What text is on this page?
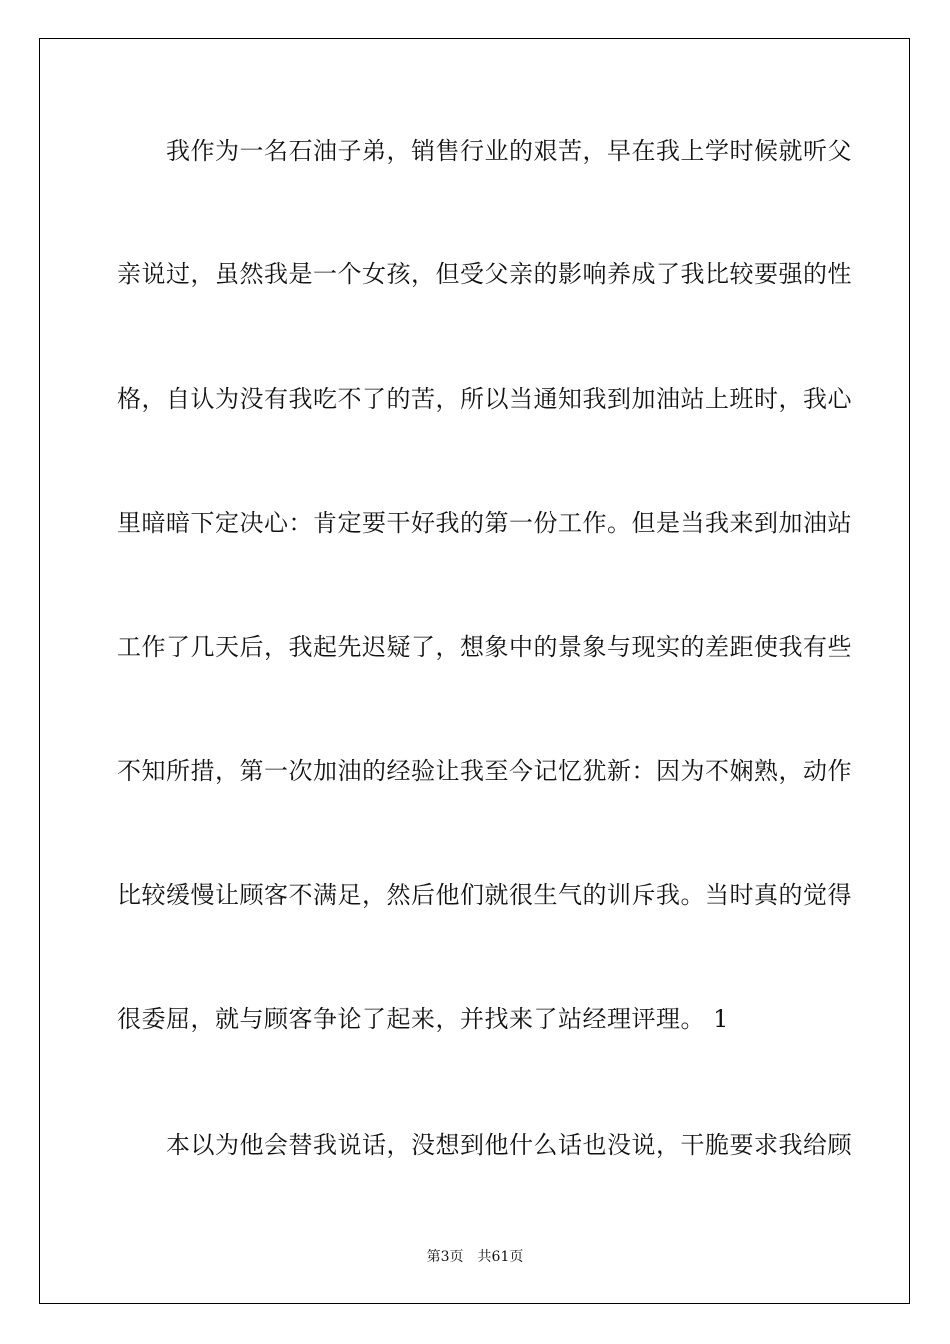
　　我作为一名石油子弟，销售行业的艰苦，早在我上学时候就听父
亲说过，虽然我是一个女孩，但受父亲的影响养成了我比较要强的性
格，自认为没有我吃不了的苦，所以当通知我到加油站上班时，我心
里暗暗下定决心：肯定要干好我的第一份工作。但是当我来到加油站
工作了几天后，我起先迟疑了，想象中的景象与现实的差距使我有些
不知所措，第一次加油的经验让我至今记忆犹新：因为不娴熟，动作
比较缓慢让顾客不满足，然后他们就很生气的训斥我。当时真的觉得
很委屈，就与顾客争论了起来，并找来了站经理评理。 1
　　本以为他会替我说话，没想到他什么话也没说，干脆要求我给顾
第3页 共61页
